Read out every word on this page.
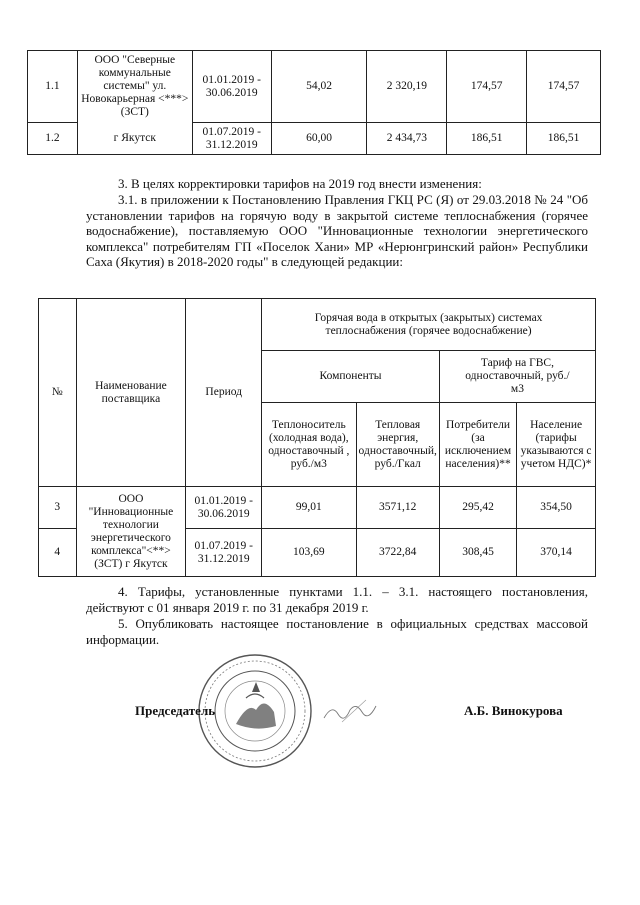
1.1	ООО "Северные коммунальные системы" ул. Новокарьерная <***> (ЗСТ)	01.01.2019 - 30.06.2019	54,02	2 320,19	174,57	174,57
1.2	г Якутск	01.07.2019 - 31.12.2019	60,00	2 434,73	186,51	186,51

3. В целях корректировки тарифов на 2019 год внести изменения:

3.1. в приложении к Постановлению Правления ГКЦ РС (Я) от 29.03.2018 № 24 "Об установлении тарифов на горячую воду в закрытой системе теплоснабжения (горячее водоснабжение), поставляемую ООО "Инновационные технологии энергетического комплекса" потребителям ГП «Поселок Хани» МР «Нерюнгринский район» Республики Саха (Якутия) в 2018-2020 годы" в следующей редакции:

№	Наименование поставщика	Период	Горячая вода в открытых (закрытых) системах теплоснабжения (горячее водоснабжение)			
			Компоненты		Тариф на ГВС, одноставочный, руб./м3	
			Теплоноситель (холодная вода), одноставочный , руб./м3	Тепловая энергия, одноставочный, руб./Гкал	Потребители (за исключением населения)**	Население (тарифы указываются с учетом НДС)*
3	ООО "Инновационные технологии энергетического комплекса"<**> (ЗСТ) г Якутск	01.01.2019 - 30.06.2019	99,01	3571,12	295,42	354,50
4		01.07.2019 - 31.12.2019	103,69	3722,84	308,45	370,14

4. Тарифы, установленные пунктами 1.1. – 3.1. настоящего постановления, действуют с 01 января 2019 г. по 31 декабря 2019 г.

5. Опубликовать настоящее постановление в официальных средствах массовой информации.

Председатель	А.Б. Винокурова
